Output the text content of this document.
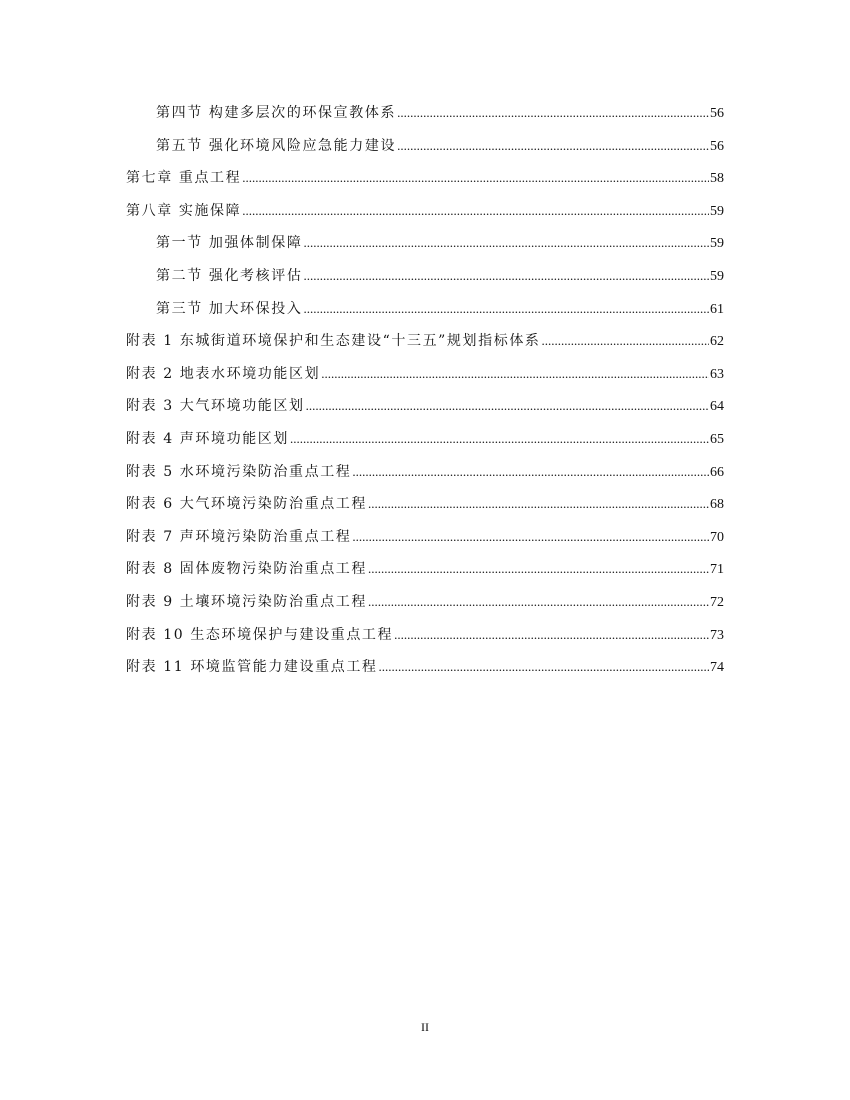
第四节 构建多层次的环保宣教体系 .....	56
第五节 强化环境风险应急能力建设 .....	56
第七章 重点工程 .....	58
第八章 实施保障 .....	59
第一节 加强体制保障 .....	59
第二节 强化考核评估 .....	59
第三节 加大环保投入 .....	61
附表 1 东城街道环境保护和生态建设“十三五”规划指标体系 .....	62
附表 2 地表水环境功能区划 .....	63
附表 3 大气环境功能区划 .....	64
附表 4 声环境功能区划 .....	65
附表 5 水环境污染防治重点工程 .....	66
附表 6 大气环境污染防治重点工程 .....	68
附表 7 声环境污染防治重点工程 .....	70
附表 8 固体废物污染防治重点工程 .....	71
附表 9 土壤环境污染防治重点工程 .....	72
附表 10 生态环境保护与建设重点工程 .....	73
附表 11 环境监管能力建设重点工程 .....	74
II
